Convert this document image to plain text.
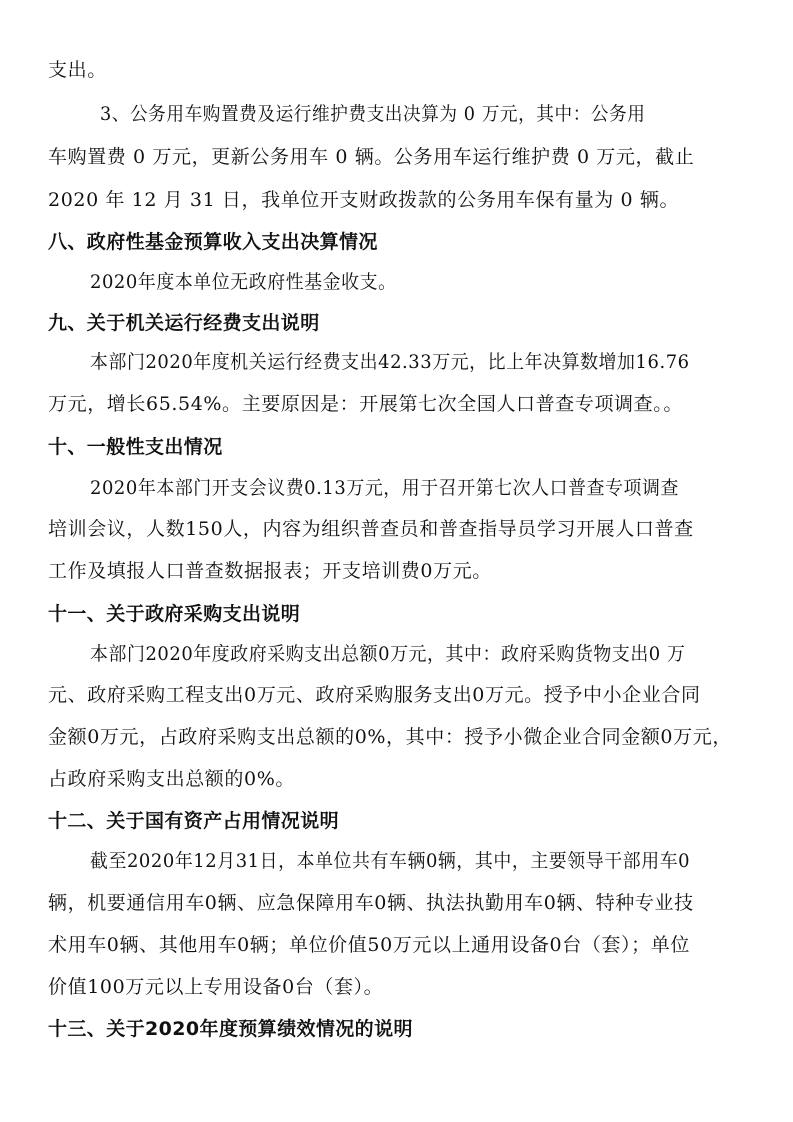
支出。
3、公务用车购置费及运行维护费支出决算为 0 万元，其中：公务用
车购置费 0 万元，更新公务用车 0 辆。公务用车运行维护费 0 万元，截止
2020 年 12 月 31 日，我单位开支财政拨款的公务用车保有量为 0 辆。
八、政府性基金预算收入支出决算情况
2020年度本单位无政府性基金收支。
九、关于机关运行经费支出说明
本部门2020年度机关运行经费支出42.33万元，比上年决算数增加16.76
万元，增长65.54%。主要原因是：开展第七次全国人口普查专项调查。。
十、一般性支出情况
2020年本部门开支会议费0.13万元，用于召开第七次人口普查专项调查
培训会议，人数150人，内容为组织普查员和普查指导员学习开展人口普查
工作及填报人口普查数据报表；开支培训费0万元。
十一、关于政府采购支出说明
本部门2020年度政府采购支出总额0万元，其中：政府采购货物支出0 万
元、政府采购工程支出0万元、政府采购服务支出0万元。授予中小企业合同
金额0万元，占政府采购支出总额的0%，其中：授予小微企业合同金额0万元，
占政府采购支出总额的0%。
十二、关于国有资产占用情况说明
截至2020年12月31日，本单位共有车辆0辆，其中，主要领导干部用车0
辆，机要通信用车0辆、应急保障用车0辆、执法执勤用车0辆、特种专业技
术用车0辆、其他用车0辆；单位价值50万元以上通用设备0台（套）；单位
价值100万元以上专用设备0台（套）。
十三、关于2020年度预算绩效情况的说明
